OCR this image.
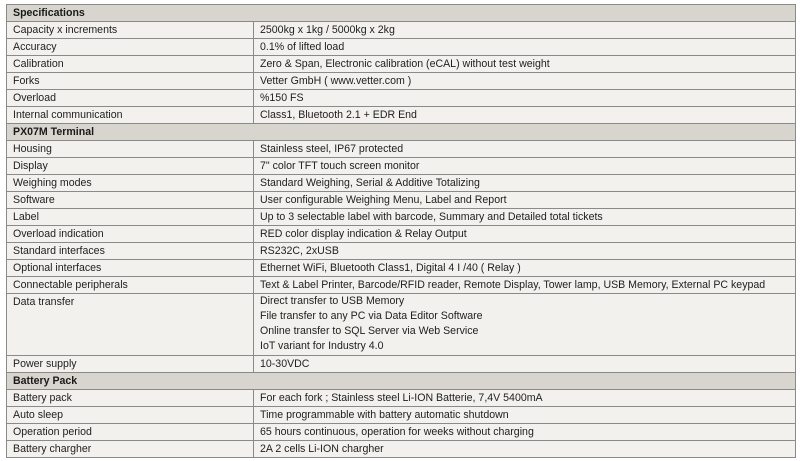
Specifications	
Capacity x increments	2500kg x 1kg / 5000kg x 2kg
Accuracy	0.1% of lifted load
Calibration	Zero & Span, Electronic calibration (eCAL) without test weight
Forks	Vetter GmbH ( www.vetter.com )
Overload	%150 FS
Internal communication	Class1, Bluetooth 2.1 + EDR End
PX07M Terminal	
Housing	Stainless steel, IP67 protected
Display	7" color TFT touch screen monitor
Weighing modes	Standard Weighing, Serial & Additive Totalizing
Software	User configurable Weighing Menu, Label and Report
Label	Up to 3 selectable label with barcode, Summary and Detailed total tickets
Overload indication	RED color display indication & Relay Output
Standard interfaces	RS232C, 2xUSB
Optional interfaces	Ethernet WiFi, Bluetooth Class1, Digital 4 I /40 ( Relay )
Connectable peripherals	Text & Label Printer, Barcode/RFID reader, Remote Display, Tower lamp, USB Memory, External PC keypad
Data transfer	Direct transfer to USB Memory
File transfer to any PC via Data Editor Software
Online transfer to SQL Server via Web Service
IoT variant for Industry 4.0

Power supply	10-30VDC
Battery Pack	
Battery pack	For each fork ; Stainless steel Li-ION Batterie, 7,4V 5400mA
Auto sleep	Time programmable with battery automatic shutdown
Operation period	65 hours continuous, operation for weeks without charging
Battery chargher	2A 2 cells Li-ION chargher
